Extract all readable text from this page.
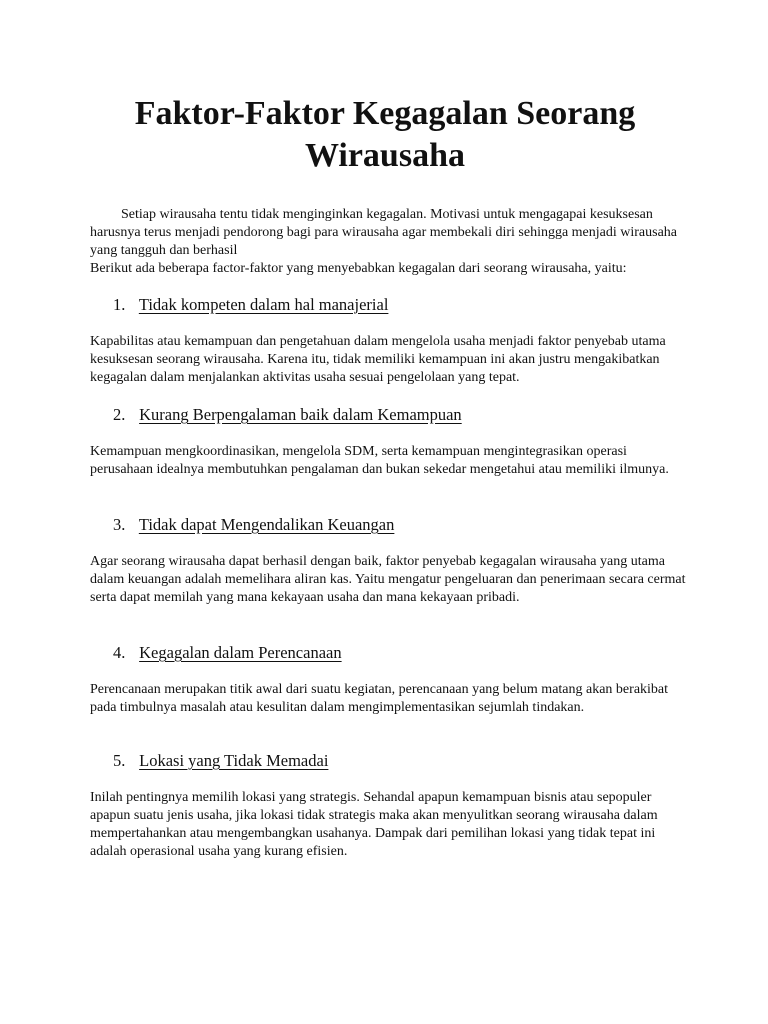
Faktor-Faktor Kegagalan Seorang Wirausaha

Setiap wirausaha tentu tidak menginginkan kegagalan. Motivasi untuk mengagapai kesuksesan harusnya terus menjadi pendorong bagi para wirausaha agar membekali diri sehingga menjadi wirausaha yang tangguh dan berhasil

Berikut ada beberapa factor-faktor yang menyebabkan kegagalan dari seorang wirausaha, yaitu:

1. Tidak kompeten dalam hal manajerial

Kapabilitas atau kemampuan dan pengetahuan dalam mengelola usaha menjadi faktor penyebab utama kesuksesan seorang wirausaha. Karena itu, tidak memiliki kemampuan ini akan justru mengakibatkan kegagalan dalam menjalankan aktivitas usaha sesuai pengelolaan yang tepat.

2. Kurang Berpengalaman baik dalam Kemampuan

Kemampuan mengkoordinasikan, mengelola SDM, serta kemampuan mengintegrasikan operasi perusahaan idealnya membutuhkan pengalaman dan bukan sekedar mengetahui atau memiliki ilmunya.

3. Tidak dapat Mengendalikan Keuangan

Agar seorang wirausaha dapat berhasil dengan baik, faktor penyebab kegagalan wirausaha yang utama dalam keuangan adalah memelihara aliran kas. Yaitu mengatur pengeluaran dan penerimaan secara cermat serta dapat memilah yang mana kekayaan usaha dan mana kekayaan pribadi.

4. Kegagalan dalam Perencanaan

Perencanaan merupakan titik awal dari suatu kegiatan, perencanaan yang belum matang akan berakibat pada timbulnya masalah atau kesulitan dalam mengimplementasikan sejumlah tindakan.

5. Lokasi yang Tidak Memadai

Inilah pentingnya memilih lokasi yang strategis. Sehandal apapun kemampuan bisnis atau sepopuler apapun suatu jenis usaha, jika lokasi tidak strategis maka akan menyulitkan seorang wirausaha dalam mempertahankan atau mengembangkan usahanya. Dampak dari pemilihan lokasi yang tidak tepat ini adalah operasional usaha yang kurang efisien.
